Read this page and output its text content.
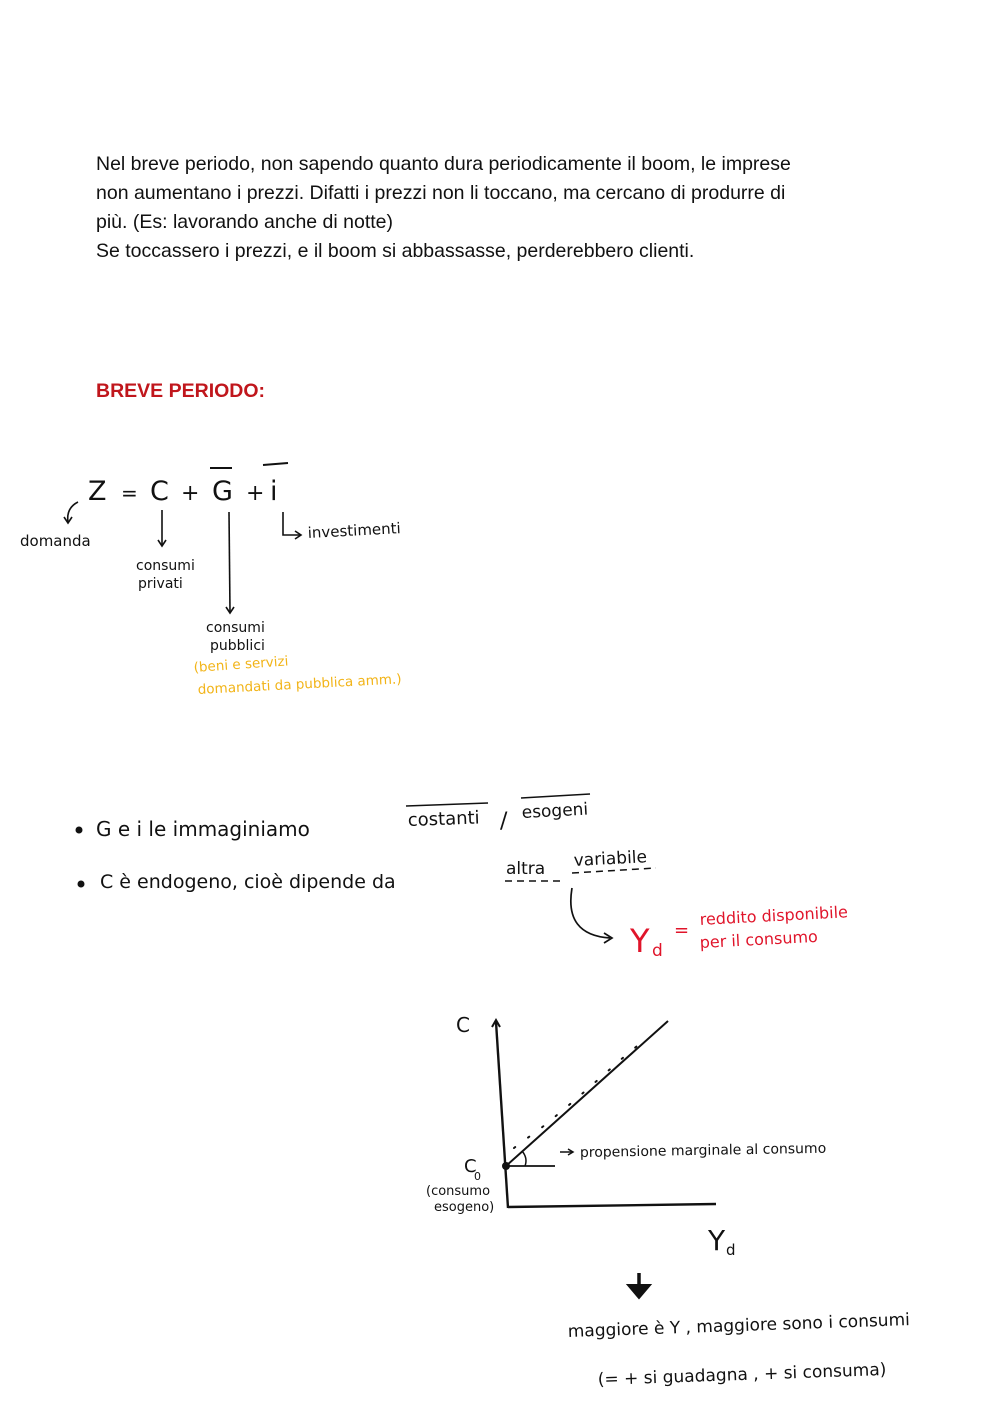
Nel breve periodo, non sapendo quanto dura periodicamente il boom, le imprese

non aumentano i prezzi. Difatti i prezzi non li toccano, ma cercano di produrre di

più. (Es: lavorando anche di notte)

Se toccassero i prezzi, e il boom si abbassasse, perderebbero clienti.

BREVE PERIODO:
Z = C + G + i
domanda
consumi
privati
investimenti
consumi
pubblici
(beni e servizi
domandati da pubblica amm.)
G e i le immaginiamo	costanti / esogeni
C è endogeno, cioè dipende da
altra variabile
Y d
=
reddito disponibile
per il consumo
C
Y d
propensione marginale al consumo
C
0
(consumo
esogeno)
maggiore è Y , maggiore sono i consumi
(= + si guadagna , + si consuma)
